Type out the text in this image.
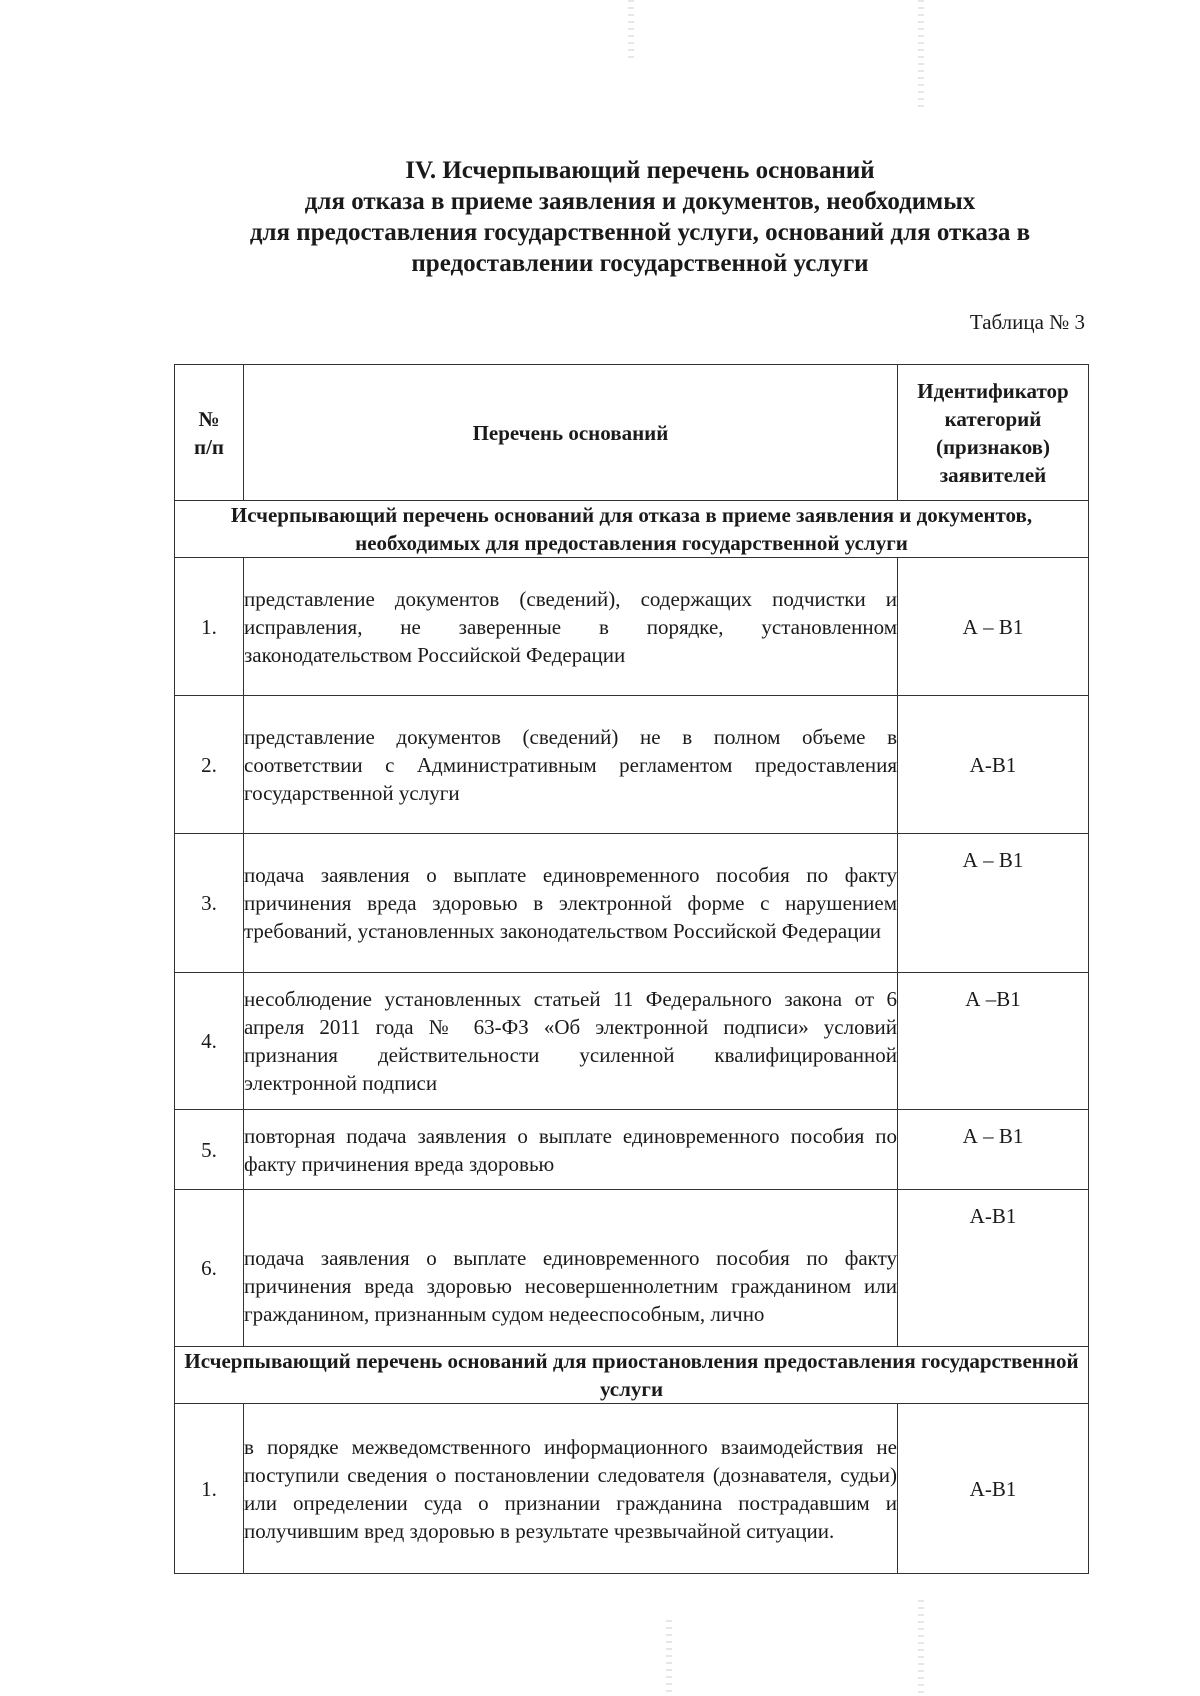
IV. Исчерпывающий перечень оснований
для отказа в приеме заявления и документов, необходимых
для предоставления государственной услуги, оснований для отказа в
предоставлении государственной услуги
Таблица № 3
№ п/п	Перечень оснований	Идентификатор категорий (признаков) заявителей
Исчерпывающий перечень оснований для отказа в приеме заявления и документов, необходимых для предоставления государственной услуги		
1.	представление документов (сведений), содержащих подчистки и исправления, не заверенные в порядке, установленном законодательством Российской Федерации	А – В1
2.	представление документов (сведений) не в полном объеме в соответствии с Административным регламентом предоставления государственной услуги	А-В1
3.	подача заявления о выплате единовременного пособия по факту причинения вреда здоровью в электронной форме с нарушением требований, установленных законодательством Российской Федерации	А – В1
4.	несоблюдение установленных статьей 11 Федерального закона от 6 апреля 2011 года № 63-ФЗ «Об электронной подписи» условий признания действительности усиленной квалифицированной электронной подписи	А –В1
5.	повторная подача заявления о выплате единовременного пособия по факту причинения вреда здоровью	А – В1
6.	подача заявления о выплате единовременного пособия по факту причинения вреда здоровью несовершеннолетним гражданином или гражданином, признанным судом недееспособным, лично	А-В1
Исчерпывающий перечень оснований для приостановления предоставления государственной услуги		
1.	в порядке межведомственного информационного взаимодействия не поступили сведения о постановлении следователя (дознавателя, судьи) или определении суда о признании гражданина пострадавшим и получившим вред здоровью в результате чрезвычайной ситуации.	А-В1
